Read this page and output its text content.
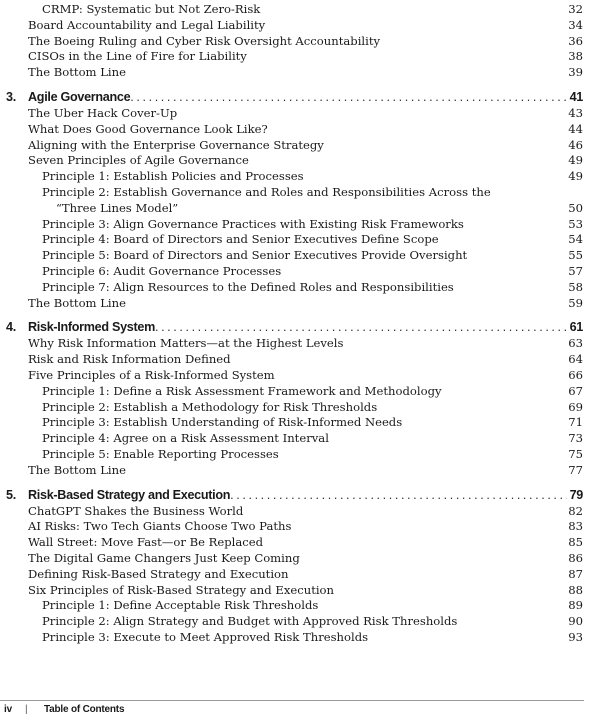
CRMP: Systematic but Not Zero-Risk	32
Board Accountability and Legal Liability	34
The Boeing Ruling and Cyber Risk Oversight Accountability	36
CISOs in the Line of Fire for Liability	38
The Bottom Line	39
3. Agile Governance .....	41
The Uber Hack Cover-Up	43
What Does Good Governance Look Like?	44
Aligning with the Enterprise Governance Strategy	46
Seven Principles of Agile Governance	49
Principle 1: Establish Policies and Processes	49
Principle 2: Establish Governance and Roles and Responsibilities Across the
“Three Lines Model”	50
Principle 3: Align Governance Practices with Existing Risk Frameworks	53
Principle 4: Board of Directors and Senior Executives Define Scope	54
Principle 5: Board of Directors and Senior Executives Provide Oversight	55
Principle 6: Audit Governance Processes	57
Principle 7: Align Resources to the Defined Roles and Responsibilities	58
The Bottom Line	59
4. Risk-Informed System .....	61
Why Risk Information Matters—at the Highest Levels	63
Risk and Risk Information Defined	64
Five Principles of a Risk-Informed System	66
Principle 1: Define a Risk Assessment Framework and Methodology	67
Principle 2: Establish a Methodology for Risk Thresholds	69
Principle 3: Establish Understanding of Risk-Informed Needs	71
Principle 4: Agree on a Risk Assessment Interval	73
Principle 5: Enable Reporting Processes	75
The Bottom Line	77
5. Risk-Based Strategy and Execution .....	79
ChatGPT Shakes the Business World	82
AI Risks: Two Tech Giants Choose Two Paths	83
Wall Street: Move Fast—or Be Replaced	85
The Digital Game Changers Just Keep Coming	86
Defining Risk-Based Strategy and Execution	87
Six Principles of Risk-Based Strategy and Execution	88
Principle 1: Define Acceptable Risk Thresholds	89
Principle 2: Align Strategy and Budget with Approved Risk Thresholds	90
Principle 3: Execute to Meet Approved Risk Thresholds	93
iv	|	Table of Contents
